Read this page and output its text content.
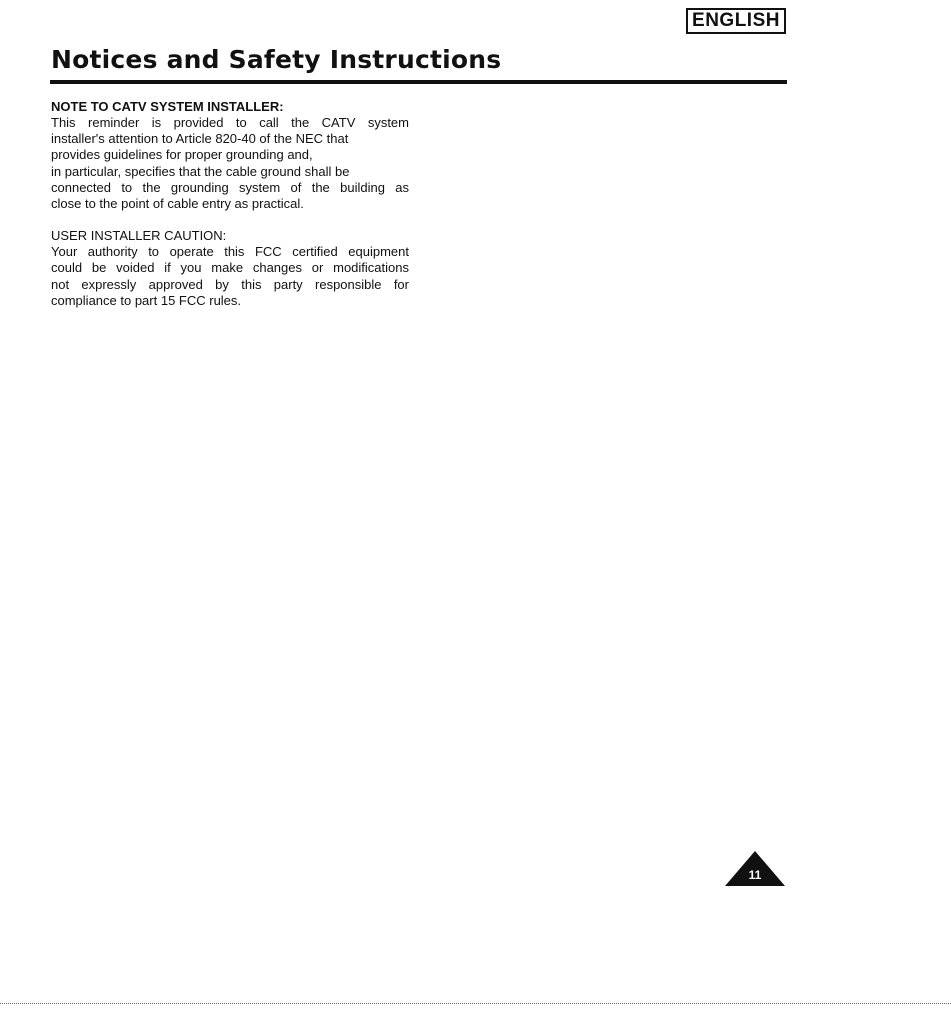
ENGLISH
Notices and Safety Instructions

NOTE TO CATV SYSTEM INSTALLER:

This reminder is provided to call the CATV system
installer's attention to Article 820-40 of the NEC that
provides guidelines for proper grounding and,
in particular, specifies that the cable ground shall be
connected to the grounding system of the building as
close to the point of cable entry as practical.

USER INSTALLER CAUTION:

Your authority to operate this FCC certified equipment
could be voided if you make changes or modifications
not expressly approved by this party responsible for
compliance to part 15 FCC rules.

11
